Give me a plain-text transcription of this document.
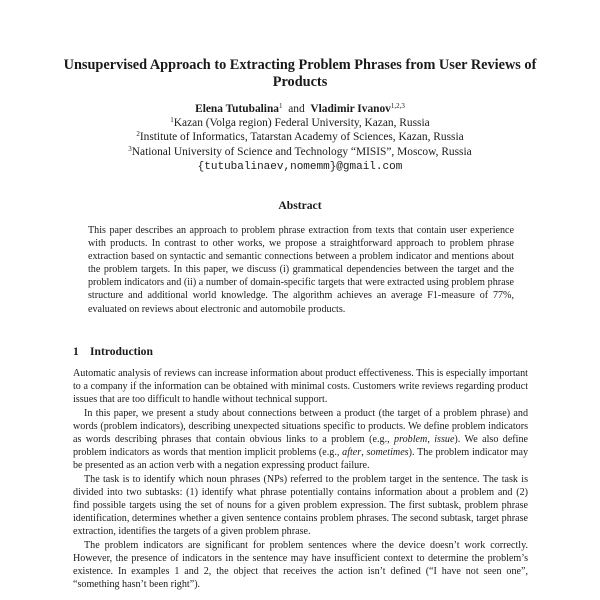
Unsupervised Approach to Extracting Problem Phrases from User Reviews of Products
Elena Tutubalina$^1$ and Vladimir Ivanov$^{1,2,3}$
$^1$Kazan (Volga region) Federal University, Kazan, Russia
$^2$Institute of Informatics, Tatarstan Academy of Sciences, Kazan, Russia
$^3$National University of Science and Technology “MISIS”, Moscow, Russia
{tutubalinaev,nomemm}@gmail.com
Abstract
This paper describes an approach to problem phrase extraction from texts that contain user experience with products. In contrast to other works, we propose a straightforward approach to problem phrase extraction based on syntactic and semantic connections between a problem indicator and mentions about the problem targets. In this paper, we discuss (i) grammatical dependencies between the target and the problem indicators and (ii) a number of domain-specific targets that were extracted using problem phrase structure and additional world knowledge. The algorithm achieves an average F1-measure of 77%, evaluated on reviews about electronic and automobile products.
1 Introduction

Automatic analysis of reviews can increase information about product effectiveness. This is especially important to a company if the information can be obtained with minimal costs. Customers write reviews regarding product issues that are too difficult to handle without technical support.

In this paper, we present a study about connections between a product (the target of a problem phrase) and words (problem indicators), describing unexpected situations specific to products. We define problem indicators as words describing phrases that contain obvious links to a problem (e.g., problem, issue). We also define problem indicators as words that mention implicit problems (e.g., after, sometimes). The problem indicator may be presented as an action verb with a negation expressing product failure.

The task is to identify which noun phrases (NPs) referred to the problem target in the sentence. The task is divided into two subtasks: (1) identify what phrase potentially contains information about a problem and (2) find possible targets using the set of nouns for a given problem expression. The first subtask, problem phrase identification, determines whether a given sentence contains problem phrases. The second subtask, target phrase extraction, identifies the targets of a given problem phrase.

The problem indicators are significant for problem sentences where the device doesn’t work correctly. However, the presence of indicators in the sentence may have insufficient context to determine the problem’s existence. In examples 1 and 2, the object that receives the action isn’t defined (“I have not seen one”, “something hasn’t been right”).
